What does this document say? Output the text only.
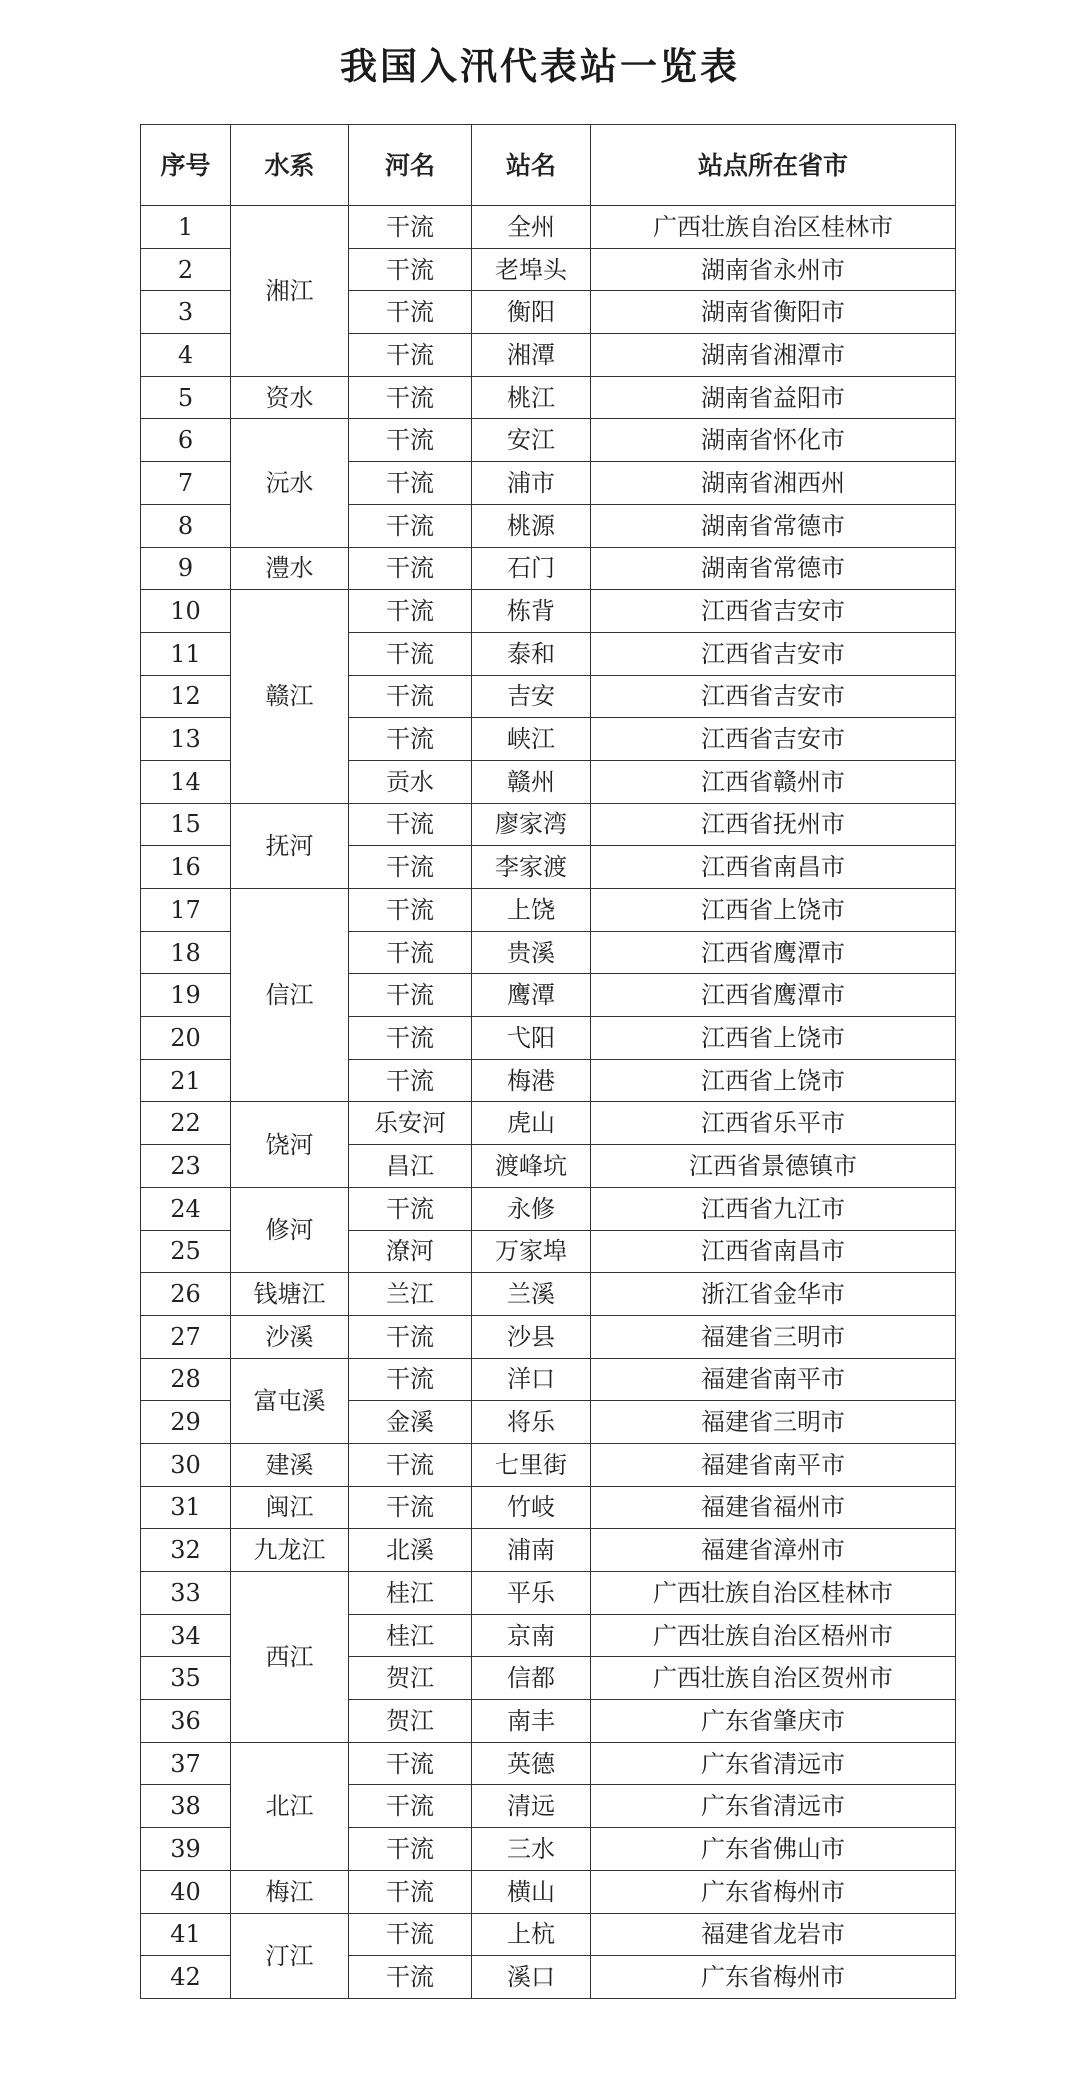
我国入汛代表站一览表
序号	水系	河名	站名	站点所在省市
1	湘江	干流	全州	广西壮族自治区桂林市
2		干流	老埠头	湖南省永州市
3		干流	衡阳	湖南省衡阳市
4		干流	湘潭	湖南省湘潭市
5	资水	干流	桃江	湖南省益阳市
6	沅水	干流	安江	湖南省怀化市
7		干流	浦市	湖南省湘西州
8		干流	桃源	湖南省常德市
9	澧水	干流	石门	湖南省常德市
10	赣江	干流	栋背	江西省吉安市
11		干流	泰和	江西省吉安市
12		干流	吉安	江西省吉安市
13		干流	峡江	江西省吉安市
14		贡水	赣州	江西省赣州市
15	抚河	干流	廖家湾	江西省抚州市
16		干流	李家渡	江西省南昌市
17	信江	干流	上饶	江西省上饶市
18		干流	贵溪	江西省鹰潭市
19		干流	鹰潭	江西省鹰潭市
20		干流	弋阳	江西省上饶市
21		干流	梅港	江西省上饶市
22	饶河	乐安河	虎山	江西省乐平市
23		昌江	渡峰坑	江西省景德镇市
24	修河	干流	永修	江西省九江市
25		潦河	万家埠	江西省南昌市
26	钱塘江	兰江	兰溪	浙江省金华市
27	沙溪	干流	沙县	福建省三明市
28	富屯溪	干流	洋口	福建省南平市
29		金溪	将乐	福建省三明市
30	建溪	干流	七里街	福建省南平市
31	闽江	干流	竹岐	福建省福州市
32	九龙江	北溪	浦南	福建省漳州市
33	西江	桂江	平乐	广西壮族自治区桂林市
34		桂江	京南	广西壮族自治区梧州市
35		贺江	信都	广西壮族自治区贺州市
36		贺江	南丰	广东省肇庆市
37	北江	干流	英德	广东省清远市
38		干流	清远	广东省清远市
39		干流	三水	广东省佛山市
40	梅江	干流	横山	广东省梅州市
41	汀江	干流	上杭	福建省龙岩市
42		干流	溪口	广东省梅州市
